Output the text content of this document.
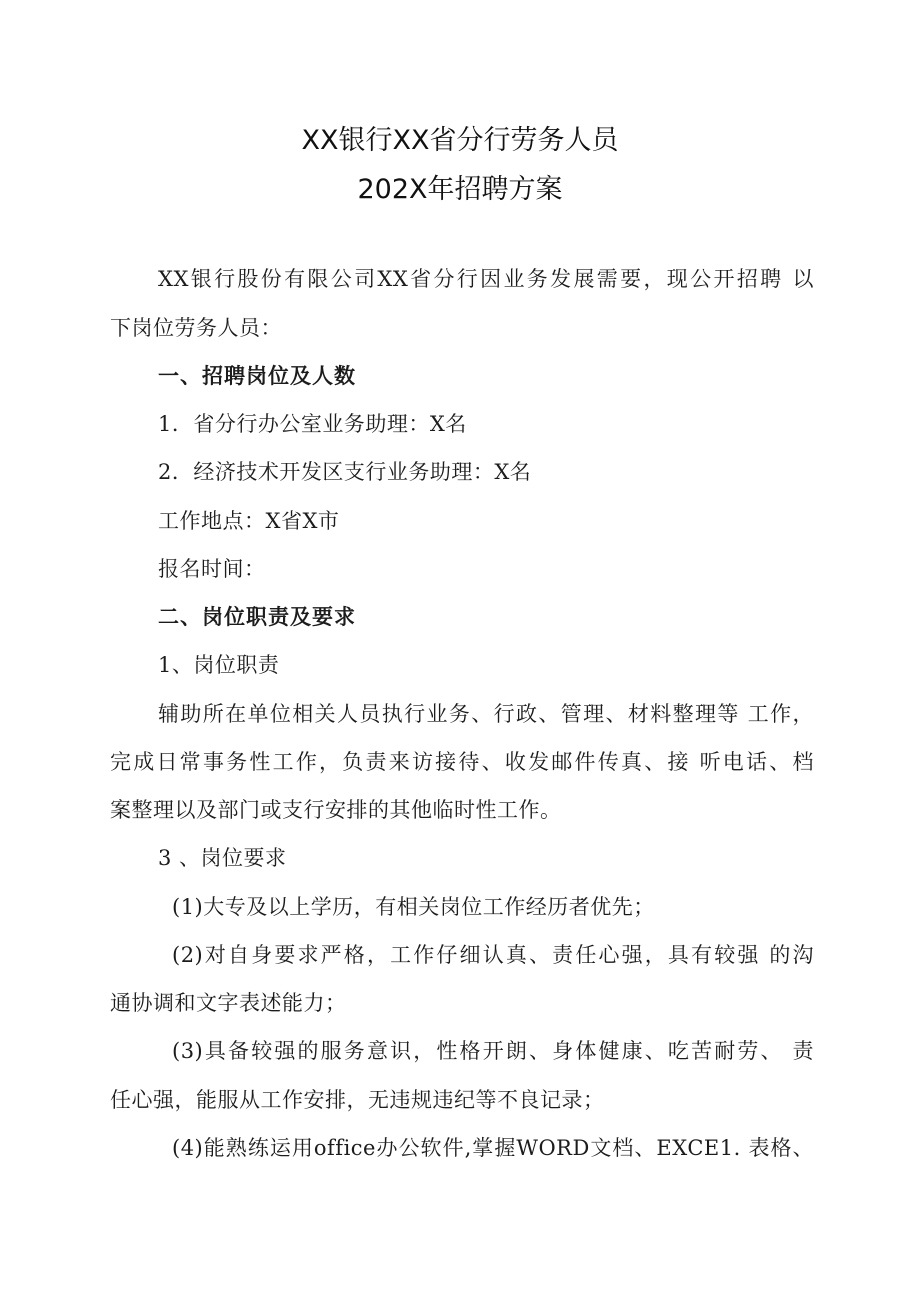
XX银行XX省分行劳务人员
202X年招聘方案
XX银行股份有限公司XX省分行因业务发展需要，现公开招聘 以
下岗位劳务人员：
一、招聘岗位及人数
1．省分行办公室业务助理：X名
2．经济技术开发区支行业务助理：X名
工作地点：X省X市
报名时间：
二、岗位职责及要求
1、岗位职责
辅助所在单位相关人员执行业务、行政、管理、材料整理等 工作，
完成日常事务性工作，负责来访接待、收发邮件传真、接 听电话、档
案整理以及部门或支行安排的其他临时性工作。
3 、岗位要求
(1)大专及以上学历，有相关岗位工作经历者优先；
(2)对自身要求严格，工作仔细认真、责任心强，具有较强 的沟
通协调和文字表述能力；
(3)具备较强的服务意识，性格开朗、身体健康、吃苦耐劳、 责
任心强，能服从工作安排，无违规违纪等不良记录；
(4)能熟练运用office办公软件,掌握WORD文档、EXCE1. 表格、
